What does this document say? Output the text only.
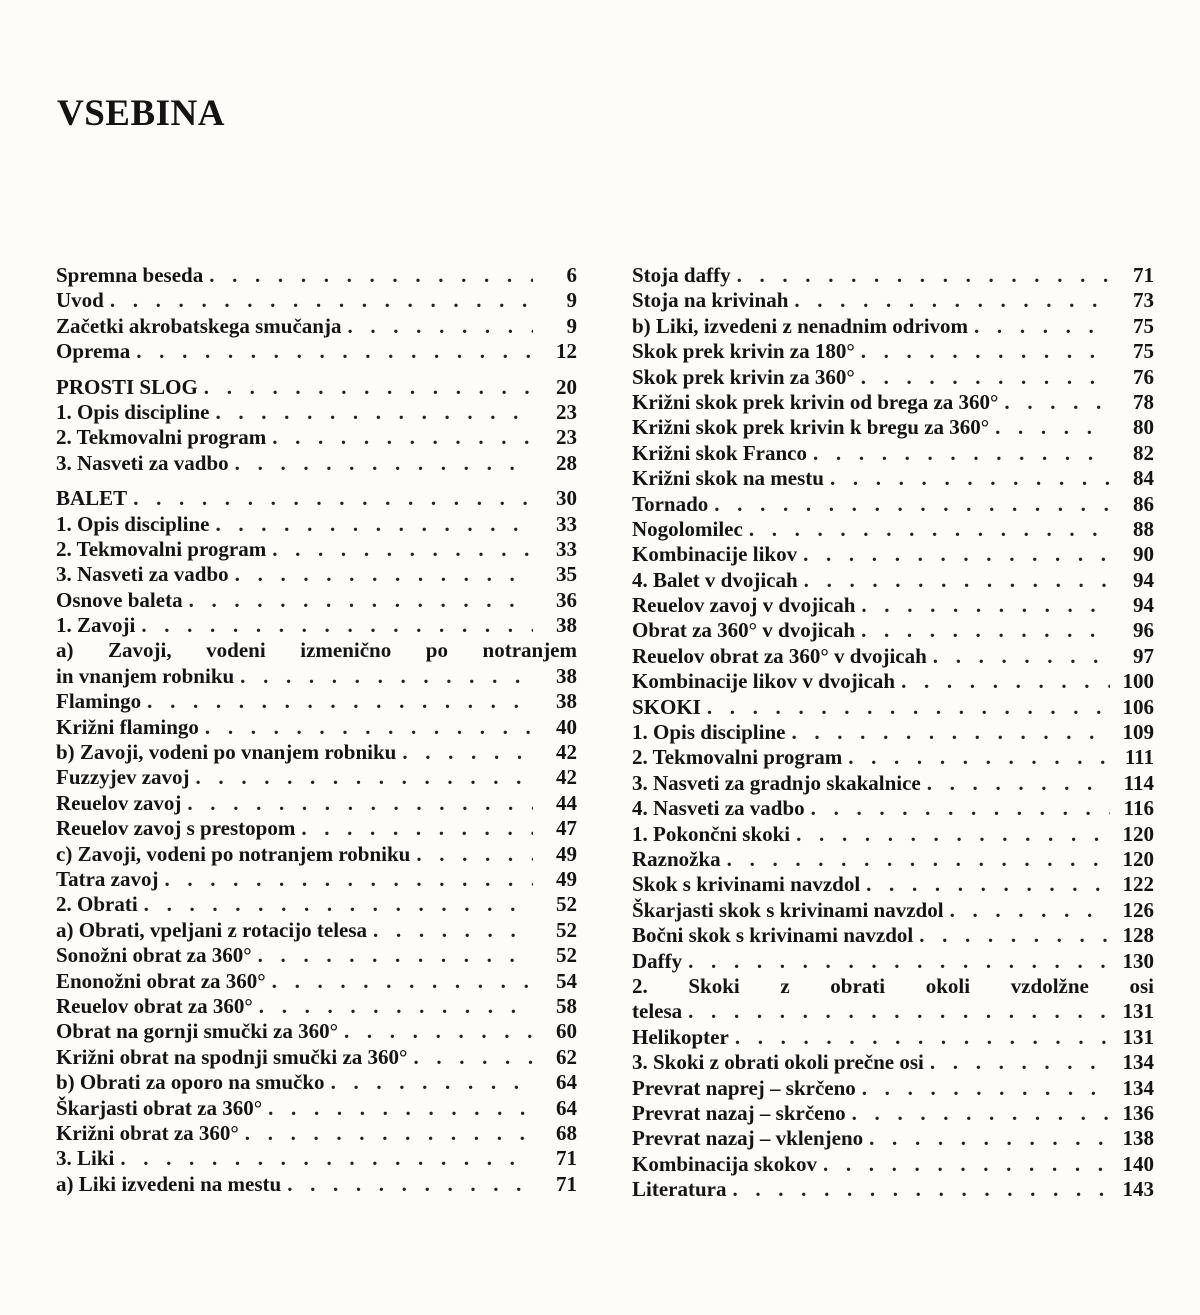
VSEBINA
Spremna beseda . . .	6
Uvod . . .	9
Začetki akrobatskega smučanja . . .	9
Oprema . . .	12
PROSTI SLOG . . .	20
1. Opis discipline . . .	23
2. Tekmovalni program . . .	23
3. Nasveti za vadbo . . .	28
BALET . . .	30
1. Opis discipline . . .	33
2. Tekmovalni program . . .	33
3. Nasveti za vadbo . . .	35
Osnove baleta . . .	36
1. Zavoji . . .	38
a) Zavoji, vodeni izmenično po notranjem
in vnanjem robniku . . .	38
Flamingo . . .	38
Križni flamingo . . .	40
b) Zavoji, vodeni po vnanjem robniku . . .	42
Fuzzyjev zavoj . . .	42
Reuelov zavoj . . .	44
Reuelov zavoj s prestopom . . .	47
c) Zavoji, vodeni po notranjem robniku . . .	49
Tatra zavoj . . .	49
2. Obrati . . .	52
a) Obrati, vpeljani z rotacijo telesa . . .	52
Sonožni obrat za 360° . . .	52
Enonožni obrat za 360° . . .	54
Reuelov obrat za 360° . . .	58
Obrat na gornji smučki za 360° . . .	60
Križni obrat na spodnji smučki za 360° . . .	62
b) Obrati za oporo na smučko . . .	64
Škarjasti obrat za 360° . . .	64
Križni obrat za 360° . . .	68
3. Liki . . .	71
a) Liki izvedeni na mestu . . .	71
Stoja daffy . . .	71
Stoja na krivinah . . .	73
b) Liki, izvedeni z nenadnim odrivom . . .	75
Skok prek krivin za 180° . . .	75
Skok prek krivin za 360° . . .	76
Križni skok prek krivin od brega za 360° . . .	78
Križni skok prek krivin k bregu za 360° . . .	80
Križni skok Franco . . .	82
Križni skok na mestu . . .	84
Tornado . . .	86
Nogolomilec . . .	88
Kombinacije likov . . .	90
4. Balet v dvojicah . . .	94
Reuelov zavoj v dvojicah . . .	94
Obrat za 360° v dvojicah . . .	96
Reuelov obrat za 360° v dvojicah . . .	97
Kombinacije likov v dvojicah . . .	100
SKOKI . . .	106
1. Opis discipline . . .	109
2. Tekmovalni program . . .	111
3. Nasveti za gradnjo skakalnice . . .	114
4. Nasveti za vadbo . . .	116
1. Pokončni skoki . . .	120
Raznožka . . .	120
Skok s krivinami navzdol . . .	122
Škarjasti skok s krivinami navzdol . . .	126
Bočni skok s krivinami navzdol . . .	128
Daffy . . .	130
2. Skoki z obrati okoli vzdolžne osi
telesa . . .	131
Helikopter . . .	131
3. Skoki z obrati okoli prečne osi . . .	134
Prevrat naprej – skrčeno . . .	134
Prevrat nazaj – skrčeno . . .	136
Prevrat nazaj – vklenjeno . . .	138
Kombinacija skokov . . .	140
Literatura . . .	143
